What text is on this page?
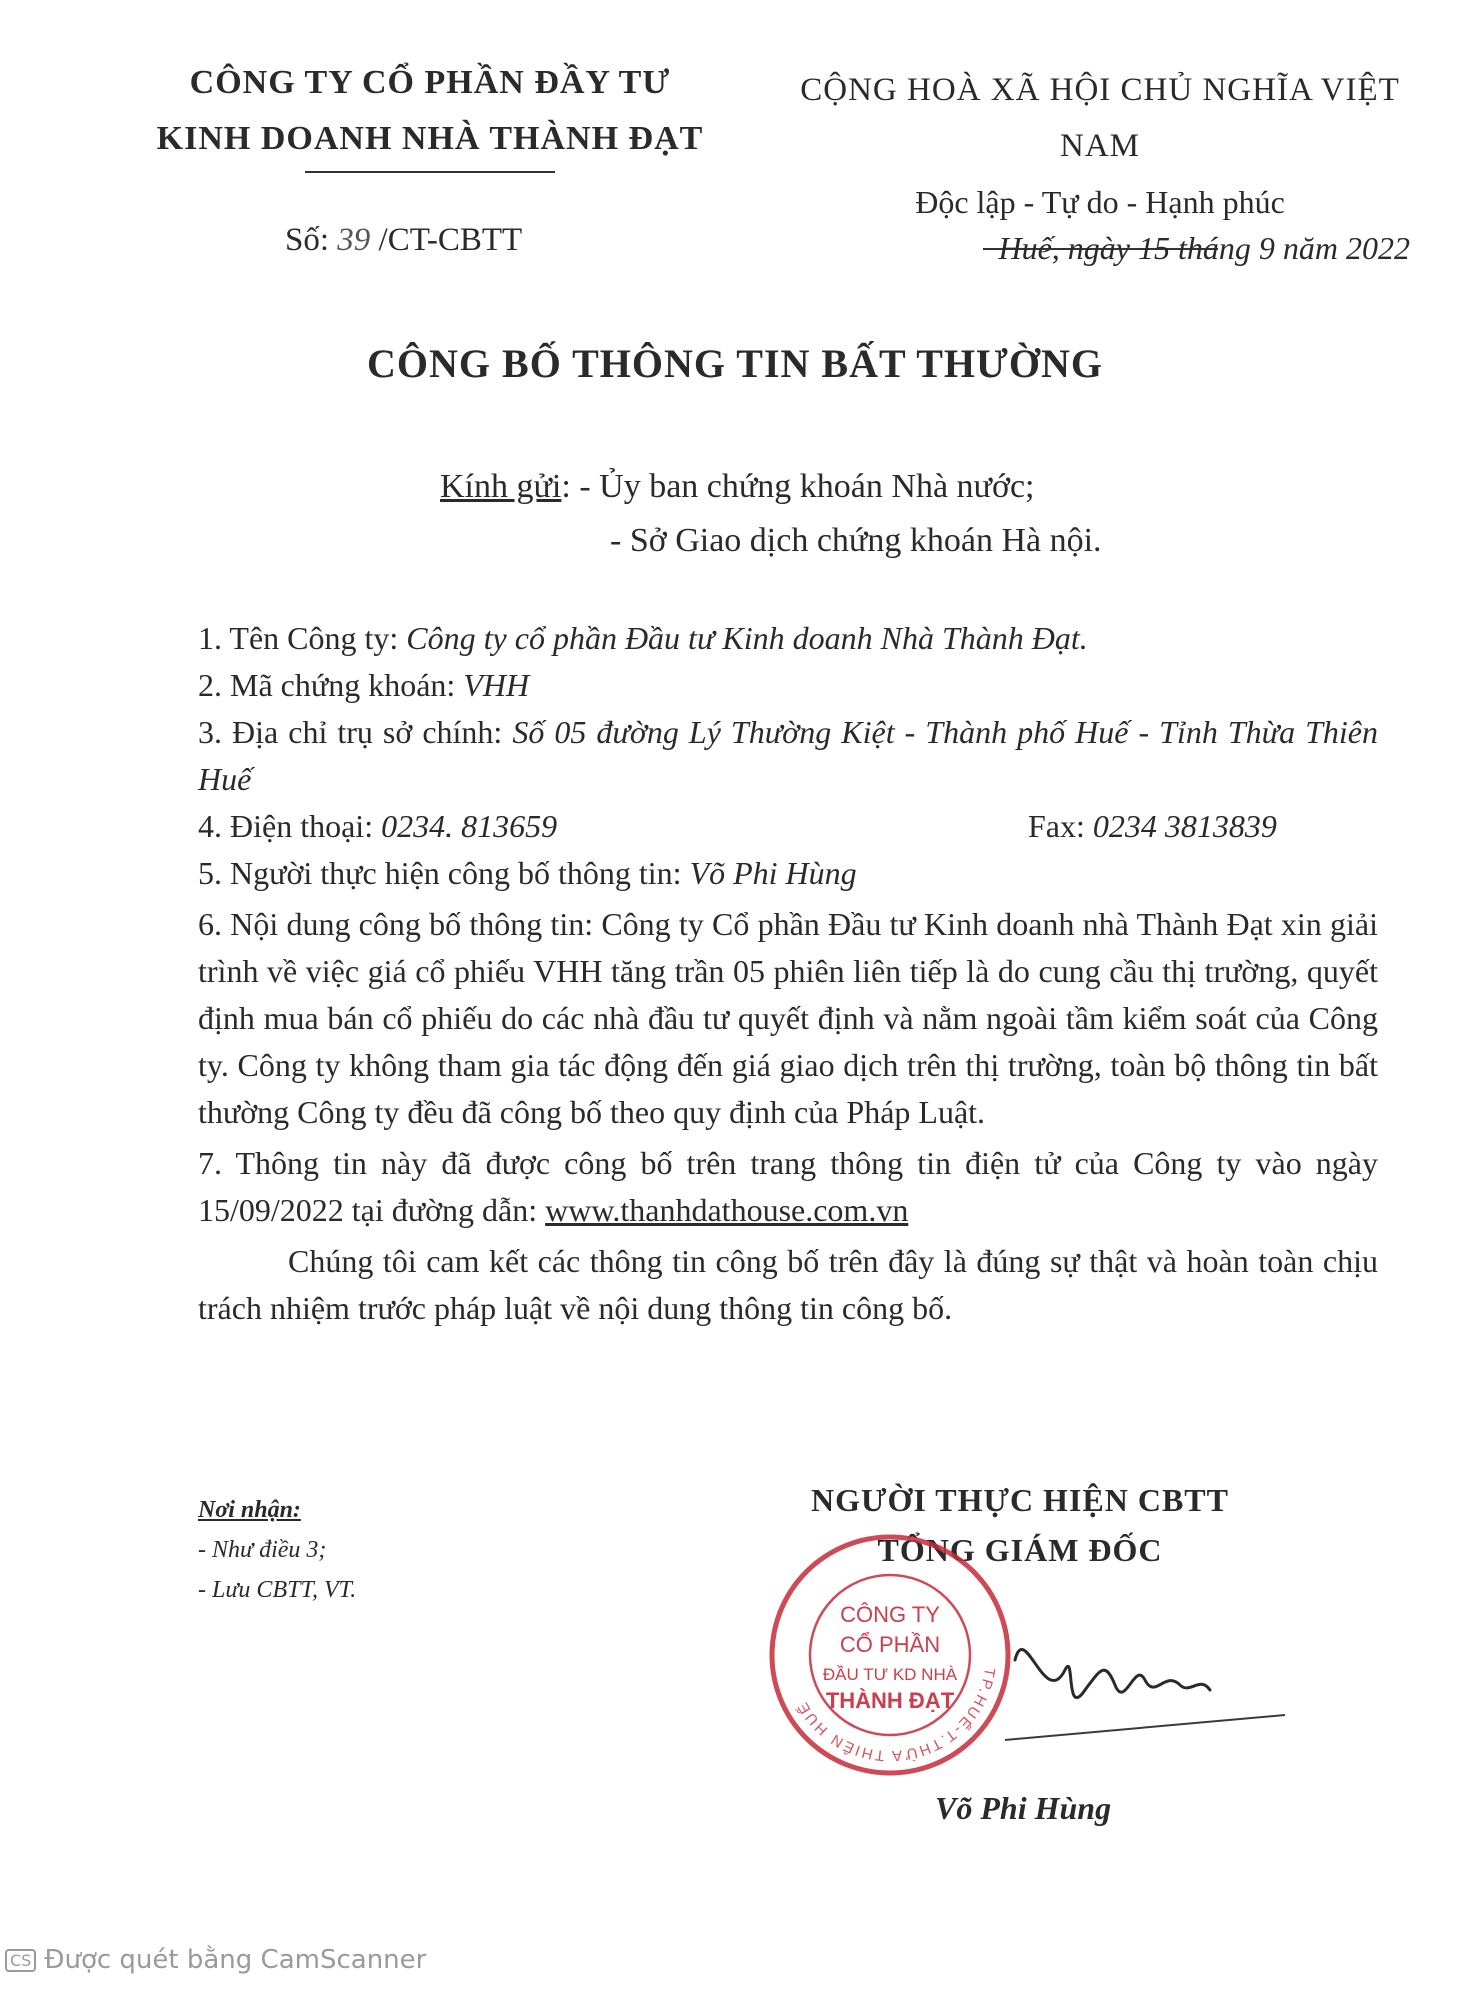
CÔNG TY CỔ PHẦN ĐẦY TƯ
KINH DOANH NHÀ THÀNH ĐẠT
CỘNG HOÀ XÃ HỘI CHỦ NGHĨA VIỆT NAM
Độc lập - Tự do - Hạnh phúc
Số: 39 /CT-CBTT	Huế, ngày 15 tháng 9 năm 2022
CÔNG BỐ THÔNG TIN BẤT THƯỜNG
Kính gửi: - Ủy ban chứng khoán Nhà nước;
- Sở Giao dịch chứng khoán Hà nội.

1. Tên Công ty: Công ty cổ phần Đầu tư Kinh doanh Nhà Thành Đạt.

2. Mã chứng khoán: VHH

3. Địa chỉ trụ sở chính: Số 05 đường Lý Thường Kiệt - Thành phố Huế - Tỉnh Thừa Thiên Huế

4. Điện thoại: 0234. 813659	Fax: 0234 3813839

5. Người thực hiện công bố thông tin: Võ Phi Hùng

6. Nội dung công bố thông tin: Công ty Cổ phần Đầu tư Kinh doanh nhà Thành Đạt xin giải trình về việc giá cổ phiếu VHH tăng trần 05 phiên liên tiếp là do cung cầu thị trường, quyết định mua bán cổ phiếu do các nhà đầu tư quyết định và nằm ngoài tầm kiểm soát của Công ty. Công ty không tham gia tác động đến giá giao dịch trên thị trường, toàn bộ thông tin bất thường Công ty đều đã công bố theo quy định của Pháp Luật.

7. Thông tin này đã được công bố trên trang thông tin điện tử của Công ty vào ngày 15/09/2022 tại đường dẫn: www.thanhdathouse.com.vn

Chúng tôi cam kết các thông tin công bố trên đây là đúng sự thật và hoàn toàn chịu trách nhiệm trước pháp luật về nội dung thông tin công bố.

Nơi nhận:
- Như điều 3;
- Lưu CBTT, VT.
NGƯỜI THỰC HIỆN CBTT
TỔNG GIÁM ĐỐC
TP.HUẾ-T.THỪA THIÊN HUẾ
CÔNG TY
CỔ PHẦN
ĐẦU TƯ KD NHÀ
THÀNH ĐẠT
Võ Phi Hùng
CS Được quét bằng CamScanner
